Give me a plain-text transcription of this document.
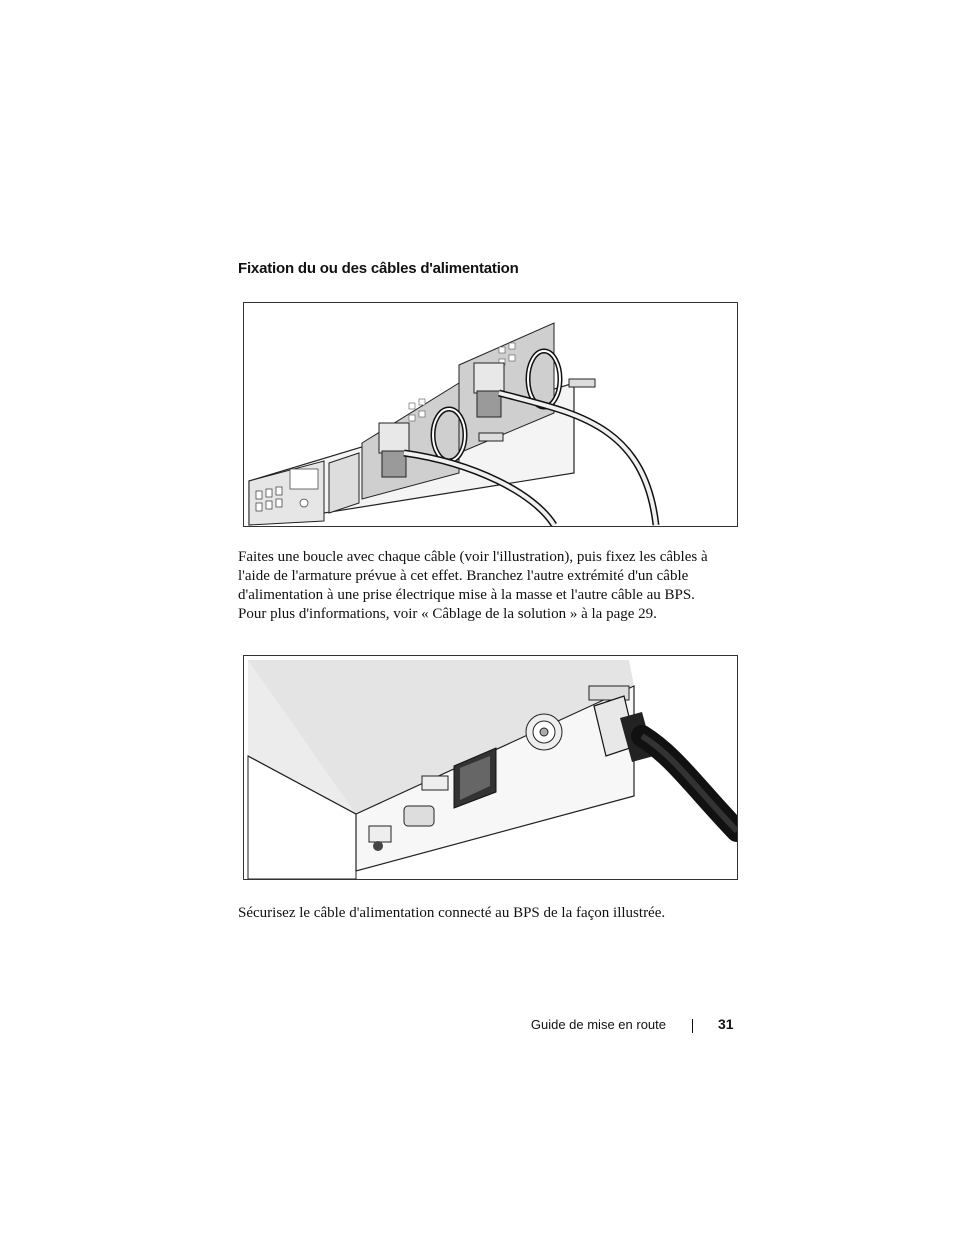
Fixation du ou des câbles d'alimentation

Faites une boucle avec chaque câble (voir l'illustration), puis fixez les câbles à
l'aide de l'armature prévue à cet effet. Branchez l'autre extrémité d'un câble
d'alimentation à une prise électrique mise à la masse et l'autre câble au BPS.
Pour plus d'informations, voir « Câblage de la solution » à la page 29.

Sécurisez le câble d'alimentation connecté au BPS de la façon illustrée.

Guide de mise en route	31
